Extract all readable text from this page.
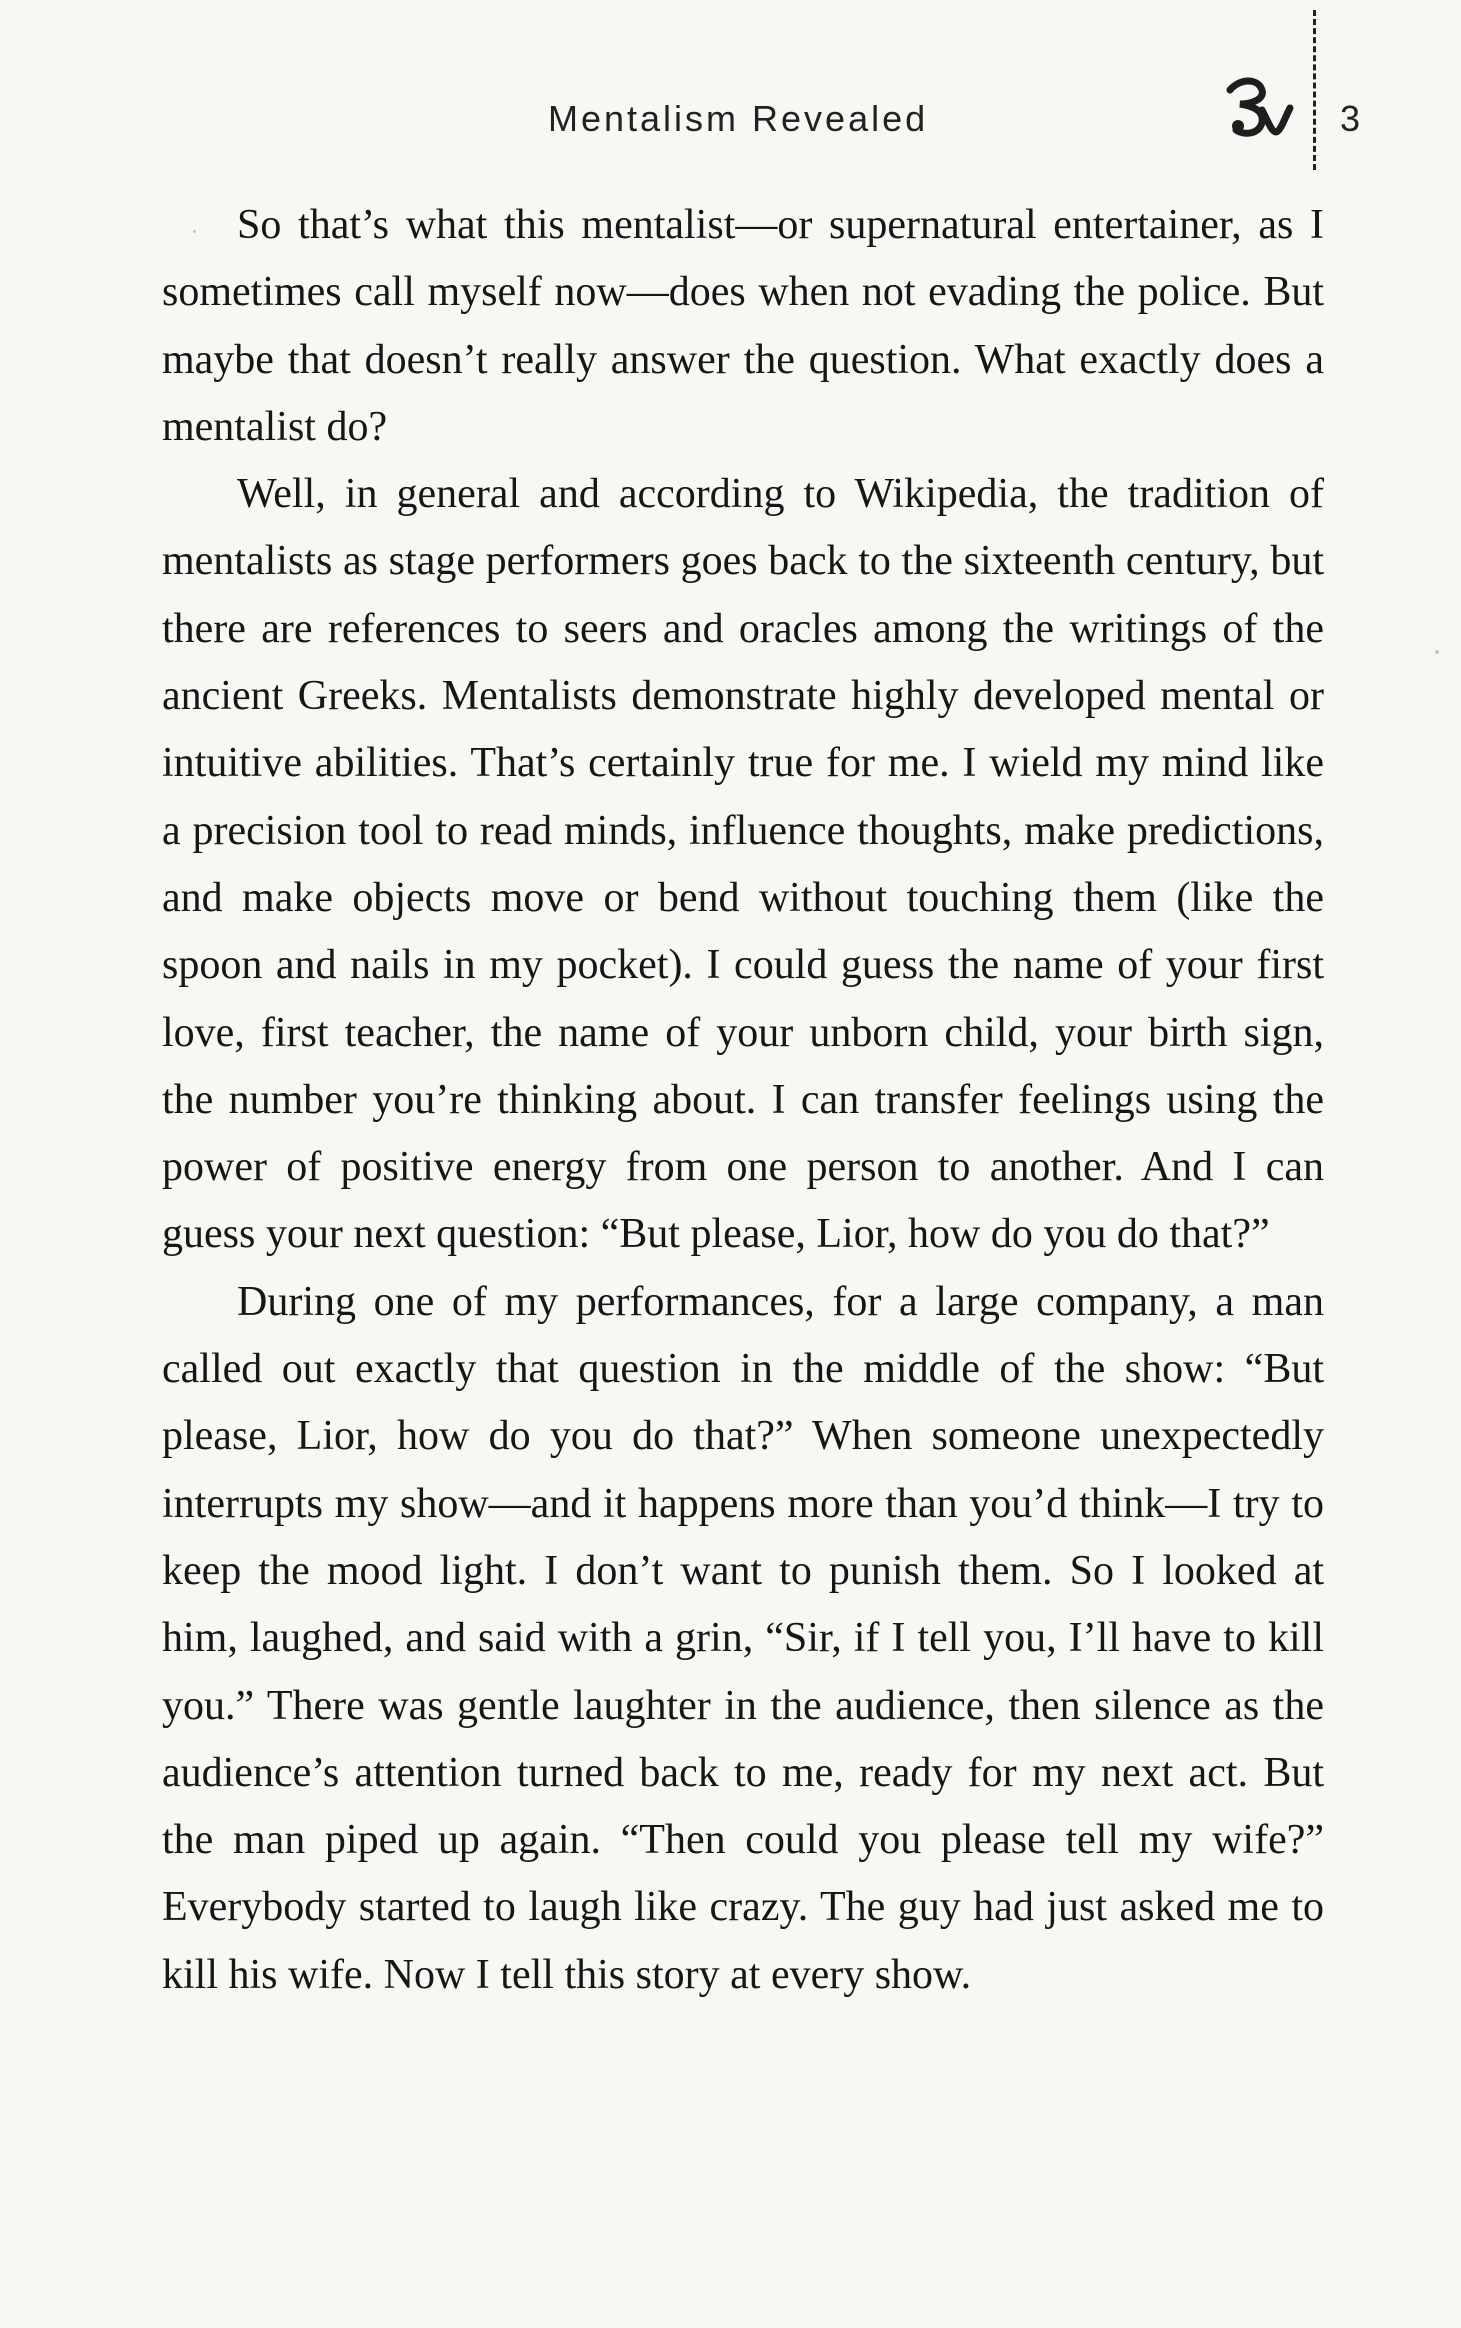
Mentalism Revealed	3

So that’s what this mentalist—or supernatural entertainer, as I sometimes call myself now—does when not evading the police. But maybe that doesn’t really answer the question. What exactly does a mentalist do?

Well, in general and according to Wikipedia, the tradition of mentalists as stage performers goes back to the sixteenth century, but there are references to seers and oracles among the writings of the ancient Greeks. Mentalists demonstrate highly developed mental or intuitive abilities. That’s certainly true for me. I wield my mind like a precision tool to read minds, influence thoughts, make predictions, and make objects move or bend without touching them (like the spoon and nails in my pocket). I could guess the name of your first love, first teacher, the name of your unborn child, your birth sign, the number you’re thinking about. I can transfer feelings using the power of positive energy from one person to another. And I can guess your next question: “But please, Lior, how do you do that?”

During one of my performances, for a large company, a man called out exactly that question in the middle of the show: “But please, Lior, how do you do that?” When someone unexpectedly interrupts my show—and it happens more than you’d think—I try to keep the mood light. I don’t want to punish them. So I looked at him, laughed, and said with a grin, “Sir, if I tell you, I’ll have to kill you.” There was gentle laughter in the audience, then silence as the audience’s attention turned back to me, ready for my next act. But the man piped up again. “Then could you please tell my wife?” Everybody started to laugh like crazy. The guy had just asked me to kill his wife. Now I tell this story at every show.
